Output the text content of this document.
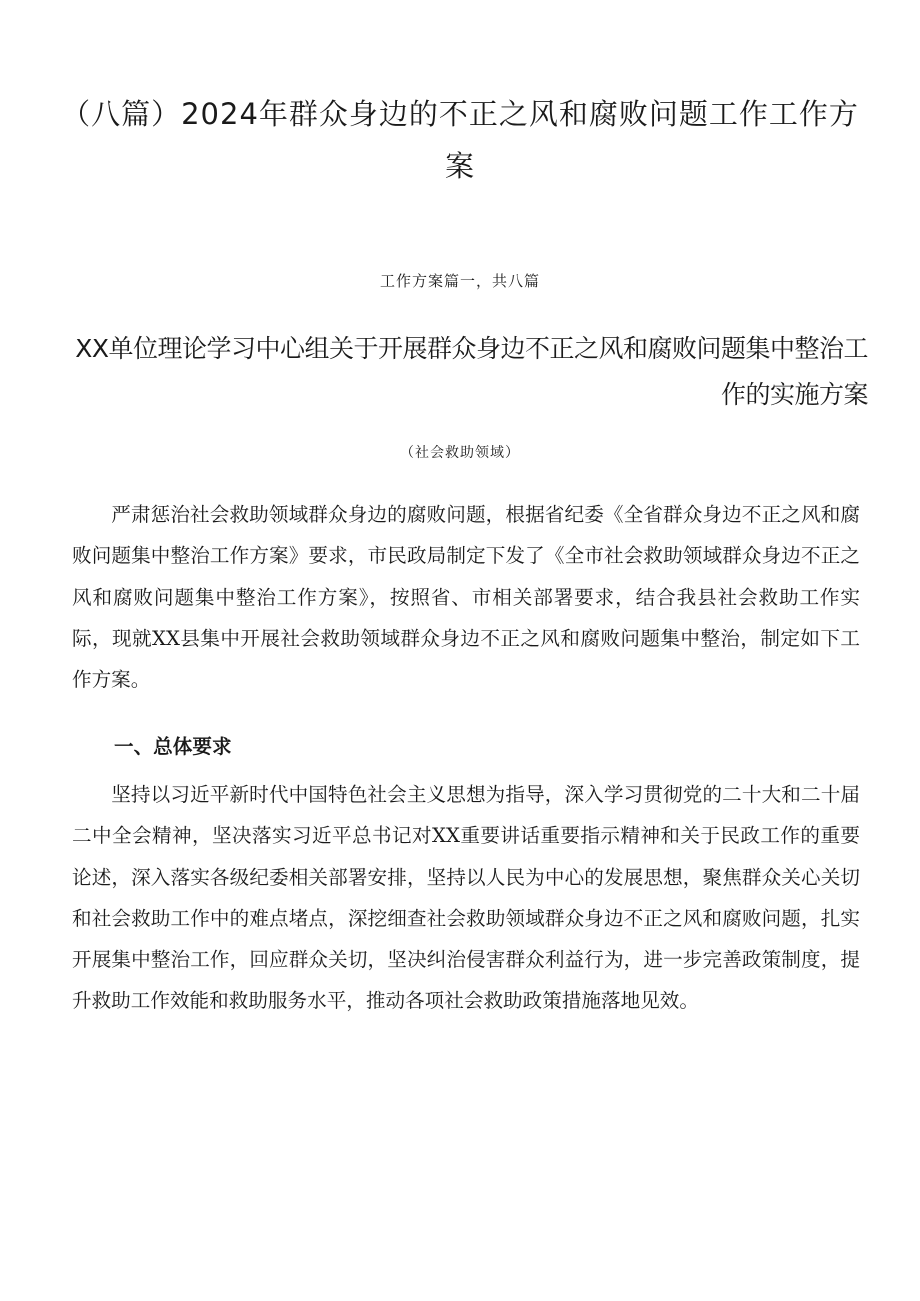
（八篇）2024年群众身边的不正之风和腐败问题工作工作方案

工作方案篇一，共八篇

XX单位理论学习中心组关于开展群众身边不正之风和腐败问题集中整治工作的实施方案

（社会救助领域）

严肃惩治社会救助领域群众身边的腐败问题，根据省纪委《全省群众身边不正之风和腐败问题集中整治工作方案》要求，市民政局制定下发了《全市社会救助领域群众身边不正之风和腐败问题集中整治工作方案》，按照省、市相关部署要求，结合我县社会救助工作实际，现就XX县集中开展社会救助领域群众身边不正之风和腐败问题集中整治，制定如下工作方案。

一、总体要求

坚持以习近平新时代中国特色社会主义思想为指导，深入学习贯彻党的二十大和二十届二中全会精神，坚决落实习近平总书记对XX重要讲话重要指示精神和关于民政工作的重要论述，深入落实各级纪委相关部署安排，坚持以人民为中心的发展思想，聚焦群众关心关切和社会救助工作中的难点堵点，深挖细查社会救助领域群众身边不正之风和腐败问题，扎实开展集中整治工作，回应群众关切，坚决纠治侵害群众利益行为，进一步完善政策制度，提升救助工作效能和救助服务水平，推动各项社会救助政策措施落地见效。
